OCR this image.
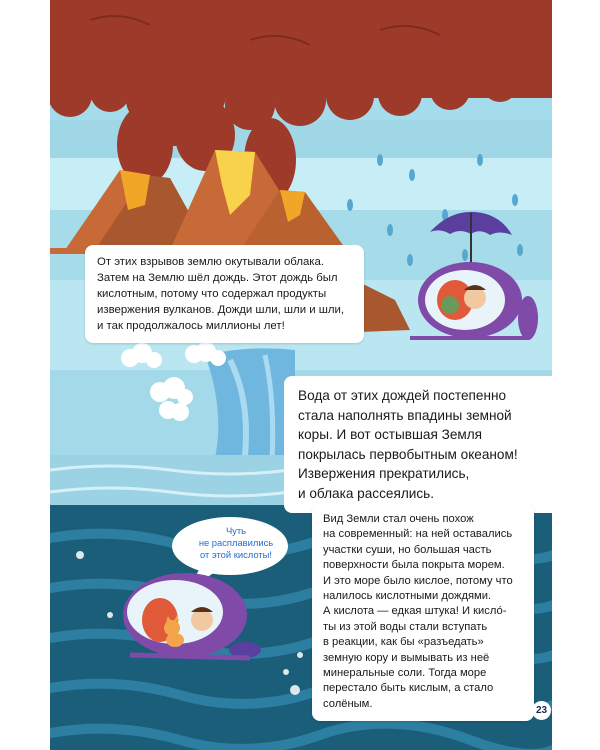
От этих взрывов землю окутывали облака.
Затем на Землю шёл дождь. Этот дождь был
кислотным, потому что содержал продукты
извержения вулканов. Дожди шли, шли и шли,
и так продолжалось миллионы лет!

Вода от этих дождей постепенно
стала наполнять впадины земной
коры. И вот остывшая Земля
покрылась первобытным океаном!
Извержения прекратились,
и облака рассеялись.

Вид Земли стал очень похож
на современный: на ней оставались
участки суши, но большая часть
поверхности была покрыта морем.
И это море было кислое, потому что
налилось кислотными дождями.
А кислота — едкая штука! И кисло́-
ты из этой воды стали вступать
в реакции, как бы «разъедать»
земную кору и вымывать из неё
минеральные соли. Тогда море
перестало быть кислым, а стало
солёным.

Чуть
не расплавились
от этой кислоты!
23
